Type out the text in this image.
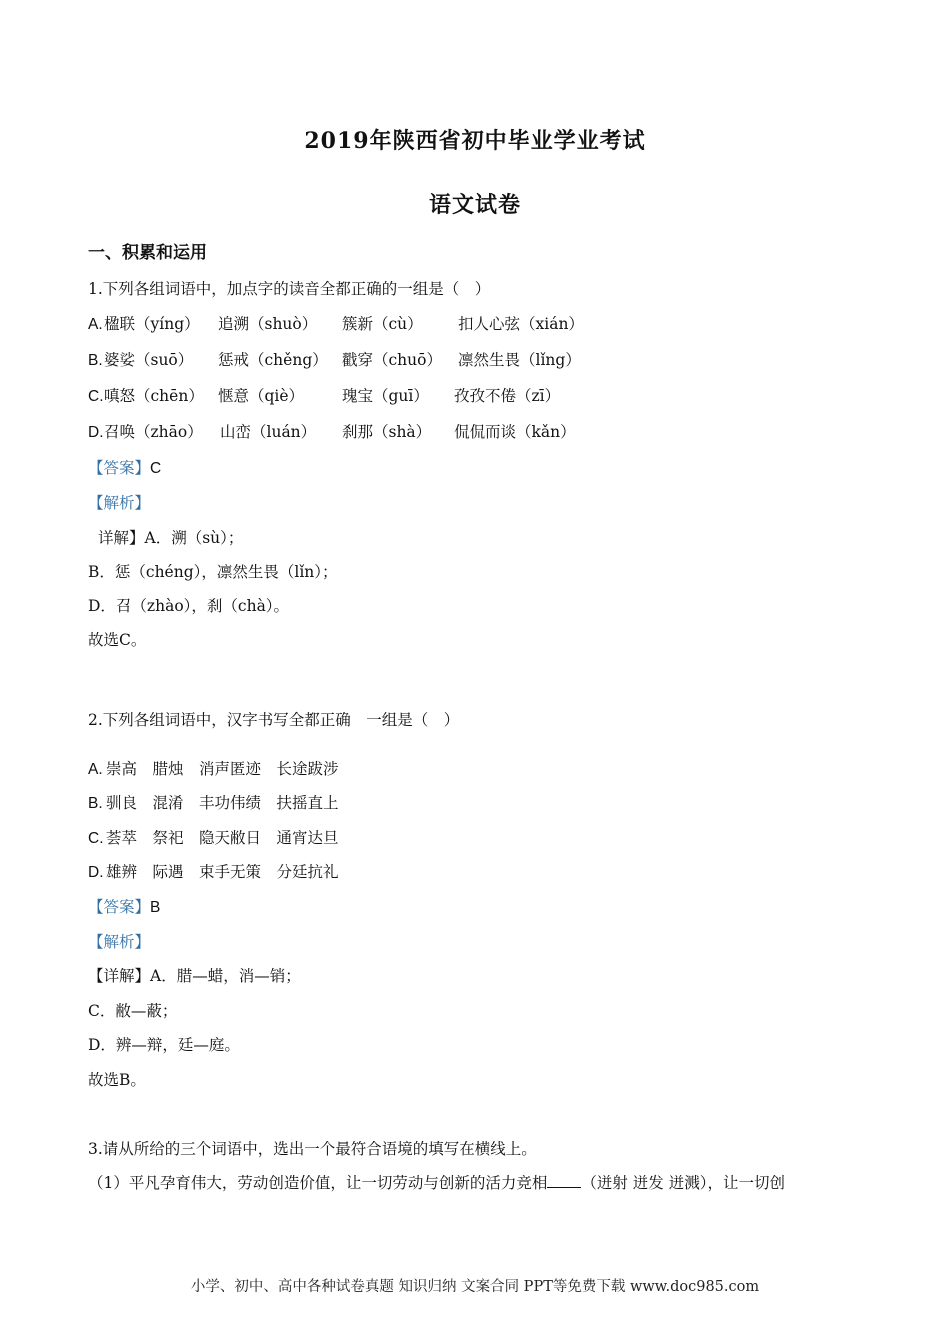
2019年陕西省初中毕业学业考试
语文试卷
一、积累和运用
1.下列各组词语中，加点字的读音全都正确的一组是（　）
A. 楹联（yíng） 追溯（shuò） 簇新（cù） 扣人心弦（xián）
B. 婆娑（suō） 惩戒（chěng） 戳穿（chuō） 凛然生畏（lǐng）
C. 嗔怒（chēn） 惬意（qiè） 瑰宝（guī） 孜孜不倦（zī）
D. 召唤（zhāo） 山峦（luán） 刹那（shà） 侃侃而谈（kǎn）
【答案】C
【解析】
详解】A．溯（sù）；
B．惩（chéng），凛然生畏（lǐn）；
D．召（zhào），刹（chà）。
故选C。
2.下列各组词语中，汉字书写全都正确　一组是（　）
A. 崇高　腊烛　消声匿迹　长途跋涉
B. 驯良　混淆　丰功伟绩　扶摇直上
C. 荟萃　祭祀　隐天敝日　通宵达旦
D. 雄辨　际遇　束手无策　分廷抗礼
【答案】B
【解析】
【详解】A．腊—蜡，消—销；
C．敝—蔽；
D．辨—辩，廷—庭。
故选B。
3.请从所给的三个词语中，选出一个最符合语境的填写在横线上。
（1）平凡孕育伟大，劳动创造价值，让一切劳动与创新的活力竞相 （迸射 迸发 迸溅），让一切创
小学、初中、高中各种试卷真题 知识归纳 文案合同 PPT等免费下载 www.doc985.com
